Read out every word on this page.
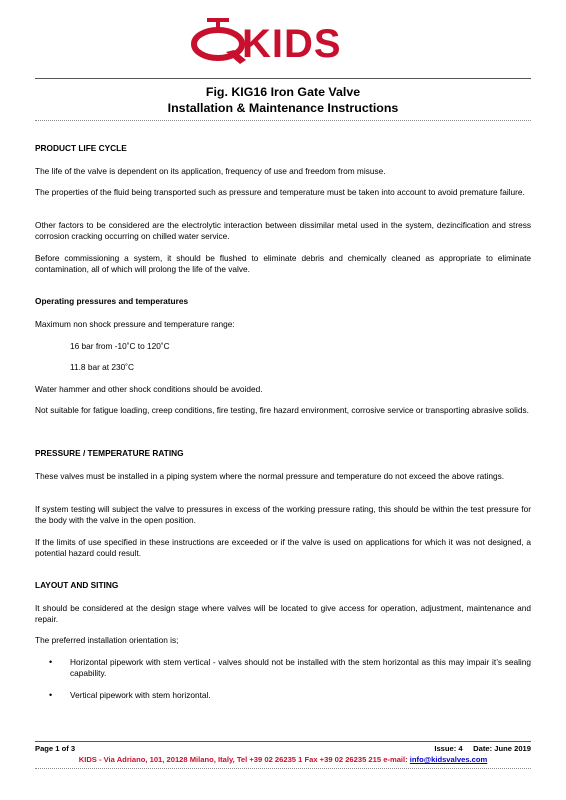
KIDS
Fig. KIG16 Iron Gate Valve
Installation & Maintenance Instructions
PRODUCT LIFE CYCLE
The life of the valve is dependent on its application, frequency of use and freedom from misuse.
The properties of the fluid being transported such as pressure and temperature must be taken into account to avoid premature failure.
Other factors to be considered are the electrolytic interaction between dissimilar metal used in the system, dezincification and stress corrosion cracking occurring on chilled water service.
Before commissioning a system, it should be flushed to eliminate debris and chemically cleaned as appropriate to eliminate contamination, all of which will prolong the life of the valve.
Operating pressures and temperatures
Maximum non shock pressure and temperature range:
16 bar from -10˚C to 120˚C
11.8 bar at 230˚C
Water hammer and other shock conditions should be avoided.
Not suitable for fatigue loading, creep conditions, fire testing, fire hazard environment, corrosive service or transporting abrasive solids.
PRESSURE / TEMPERATURE RATING
These valves must be installed in a piping system where the normal pressure and temperature do not exceed the above ratings.
If system testing will subject the valve to pressures in excess of the working pressure rating, this should be within the test pressure for the body with the valve in the open position.
If the limits of use specified in these instructions are exceeded or if the valve is used on applications for which it was not designed, a potential hazard could result.
LAYOUT AND SITING
It should be considered at the design stage where valves will be located to give access for operation, adjustment, maintenance and repair.
The preferred installation orientation is;
• Horizontal pipework with stem vertical - valves should not be installed with the stem horizontal as this may impair it’s sealing capability.
• Vertical pipework with stem horizontal.
Page 1 of 3	Issue: 4 Date: June 2019
KIDS - Via Adriano, 101, 20128 Milano, Italy, Tel +39 02 26235 1 Fax +39 02 26235 215 e-mail: info@kidsvalves.com
